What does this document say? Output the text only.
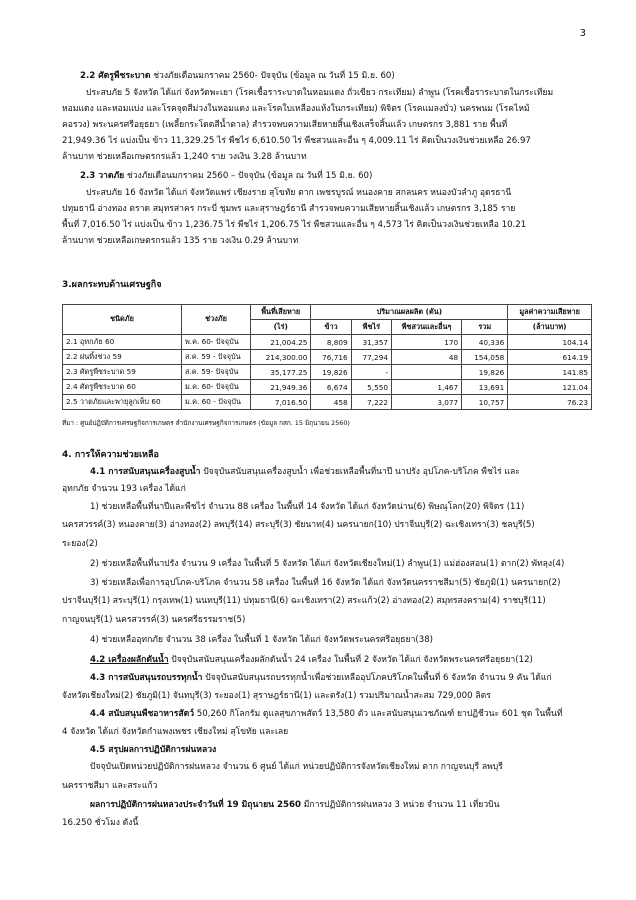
3

2.2 ศัตรูพืชระบาด ช่วงภัยเดือนมกราคม 2560- ปัจจุบัน (ข้อมูล ณ วันที่ 15 มิ.ย. 60)

ประสบภัย 5 จังหวัด ได้แก่ จังหวัดพะเยา (โรคเชื้อราระบาดในหอมแดง ถั่วเขียว กระเทียม) ลำพูน (โรคเชื้อราระบาดในกระเทียม

หอมแดง และหอมแบ่ง และโรคจุดสีม่วงในหอมแดง และโรคใบเหลืองแห้งในกระเทียม) พิจิตร (โรคแมลงบั่ว) นครพนม (โรคไหม้

คอรวง) พระนครศรีอยุธยา (เพลี้ยกระโดดสีน้ำตาล) สำรวจพบความเสียหายสิ้นเชิงเสร็จสิ้นแล้ว เกษตรกร 3,881 ราย พื้นที่

21,949.36 ไร่ แบ่งเป็น ข้าว 11,329.25 ไร่ พืชไร่ 6,610.50 ไร่ พืชสวนและอื่น ๆ 4,009.11 ไร่ คิดเป็นวงเงินช่วยเหลือ 26.97

ล้านบาท ช่วยเหลือเกษตรกรแล้ว 1,240 ราย วงเงิน 3.28 ล้านบาท

2.3 วาตภัย ช่วงภัยเดือนมกราคม 2560 – ปัจจุบัน (ข้อมูล ณ วันที่ 15 มิ.ย. 60)

ประสบภัย 16 จังหวัด ได้แก่ จังหวัดแพร่ เชียงราย สุโขทัย ตาก เพชรบูรณ์ หนองคาย สกลนคร หนองบัวลำภู อุดรธานี

ปทุมธานี อ่างทอง ตราด สมุทรสาคร กระบี่ ชุมพร และสุราษฎร์ธานี สำรวจพบความเสียหายสิ้นเชิงแล้ว เกษตรกร 3,185 ราย

พื้นที่ 7,016.50 ไร่ แบ่งเป็น ข้าว 1,236.75 ไร่ พืชไร่ 1,206.75 ไร่ พืชสวนและอื่น ๆ 4,573 ไร่ คิดเป็นวงเงินช่วยเหลือ 10.21

ล้านบาท ช่วยเหลือเกษตรกรแล้ว 135 ราย วงเงิน 0.29 ล้านบาท

3.ผลกระทบด้านเศรษฐกิจ
ชนิดภัย	ช่วงภัย	พื้นที่เสียหาย	ปริมาณผลผลิต (ตัน)				มูลค่าความเสียหาย
		(ไร่)	ข้าว	พืชไร่	พืชสวนและอื่นๆ	รวม	(ล้านบาท)
2.1 อุทกภัย 60	พ.ค. 60- ปัจจุบัน	21,004.25	8,809	31,357	170	40,336	104.14
2.2 ฝนทิ้งช่วง 59	ส.ค. 59 - ปัจจุบัน	214,300.00	76,716	77,294	48	154,058	614.19
2.3 ศัตรูพืชระบาด 59	ส.ค. 59- ปัจจุบัน	35,177.25	19,826	-		19,826	141.85
2.4 ศัตรูพืชระบาด 60	ม.ค. 60- ปัจจุบัน	21,949.36	6,674	5,550	1,467	13,691	121.04
2.5 วาตภัยและพายุลูกเห็บ 60	ม.ค. 60 - ปัจจุบัน	7,016.50	458	7,222	3,077	10,757	76.23
ที่มา : ศูนย์ปฏิบัติการเศรษฐกิจการเกษตร สำนักงานเศรษฐกิจการเกษตร (ข้อมูล กสก. 15 มิถุนายน 2560)

4. การให้ความช่วยเหลือ

4.1 การสนับสนุนเครื่องสูบน้ำ ปัจจุบันสนับสนุนเครื่องสูบน้ำ เพื่อช่วยเหลือพื้นที่นาปี นาปรัง อุปโภค-บริโภค พืชไร่ และ

อุทกภัย จำนวน 193 เครื่อง ได้แก่

1) ช่วยเหลือพื้นที่นาปีและพืชไร่ จำนวน 88 เครื่อง ในพื้นที่ 14 จังหวัด ได้แก่ จังหวัดน่าน(6) พิษณุโลก(20) พิจิตร (11)

นครสวรรค์(3) หนองคาย(3) อ่างทอง(2) ลพบุรี(14) สระบุรี(3) ชัยนาท(4) นครนายก(10) ปราจีนบุรี(2) ฉะเชิงเทรา(3) ชลบุรี(5)

ระยอง(2)

2) ช่วยเหลือพื้นที่นาปรัง จำนวน 9 เครื่อง ในพื้นที่ 5 จังหวัด ได้แก่ จังหวัดเชียงใหม่(1) ลำพูน(1) แม่ฮ่องสอน(1) ตาก(2) พัทลุง(4)

3) ช่วยเหลือเพื่อการอุปโภค-บริโภค จำนวน 58 เครื่อง ในพื้นที่ 16 จังหวัด ได้แก่ จังหวัดนครราชสีมา(5) ชัยภูมิ(1) นครนายก(2)

ปราจีนบุรี(1) สระบุรี(1) กรุงเทพ(1) นนทบุรี(11) ปทุมธานี(6) ฉะเชิงเทรา(2) สระแก้ว(2) อ่างทอง(2) สมุทรสงคราม(4) ราชบุรี(11)

กาญจนบุรี(1) นครสวรรค์(3) นครศรีธรรมราช(5)

4) ช่วยเหลืออุทกภัย จำนวน 38 เครื่อง ในพื้นที่ 1 จังหวัด ได้แก่ จังหวัดพระนครศรีอยุธยา(38)

4.2 เครื่องผลักดันน้ำ ปัจจุบันสนับสนุนเครื่องผลักดันน้ำ 24 เครื่อง ในพื้นที่ 2 จังหวัด ได้แก่ จังหวัดพระนครศรีอยุธยา(12)

4.3 การสนับสนุนรถบรรทุกน้ำ ปัจจุบันสนับสนุนรถบรรทุกน้ำเพื่อช่วยเหลืออุปโภคบริโภคในพื้นที่ 6 จังหวัด จำนวน 9 คัน ได้แก่

จังหวัดเชียงใหม่(2) ชัยภูมิ(1) จันทบุรี(3) ระยอง(1) สุราษฎร์ธานี(1) และตรัง(1) รวมปริมาณน้ำสะสม 729,000 ลิตร

4.4 สนับสนุนพืชอาหารสัตว์ 50,260 กิโลกรัม ดูแลสุขภาพสัตว์ 13,580 ตัว และสนับสนุนเวชภัณฑ์ ยาปฏิชีวนะ 601 ชุด ในพื้นที่

4 จังหวัด ได้แก่ จังหวัดกำแพงเพชร เชียงใหม่ สุโขทัย และเลย

4.5 สรุปผลการปฏิบัติการฝนหลวง

ปัจจุบันเปิดหน่วยปฏิบัติการฝนหลวง จำนวน 6 ศูนย์ ได้แก่ หน่วยปฏิบัติการจังหวัดเชียงใหม่ ตาก กาญจนบุรี ลพบุรี

นครราชสีมา และสระแก้ว

ผลการปฏิบัติการฝนหลวงประจำวันที่ 19 มิถุนายน 2560 มีการปฏิบัติการฝนหลวง 3 หน่วย จำนวน 11 เที่ยวบิน

16.250 ชั่วโมง ดังนี้
